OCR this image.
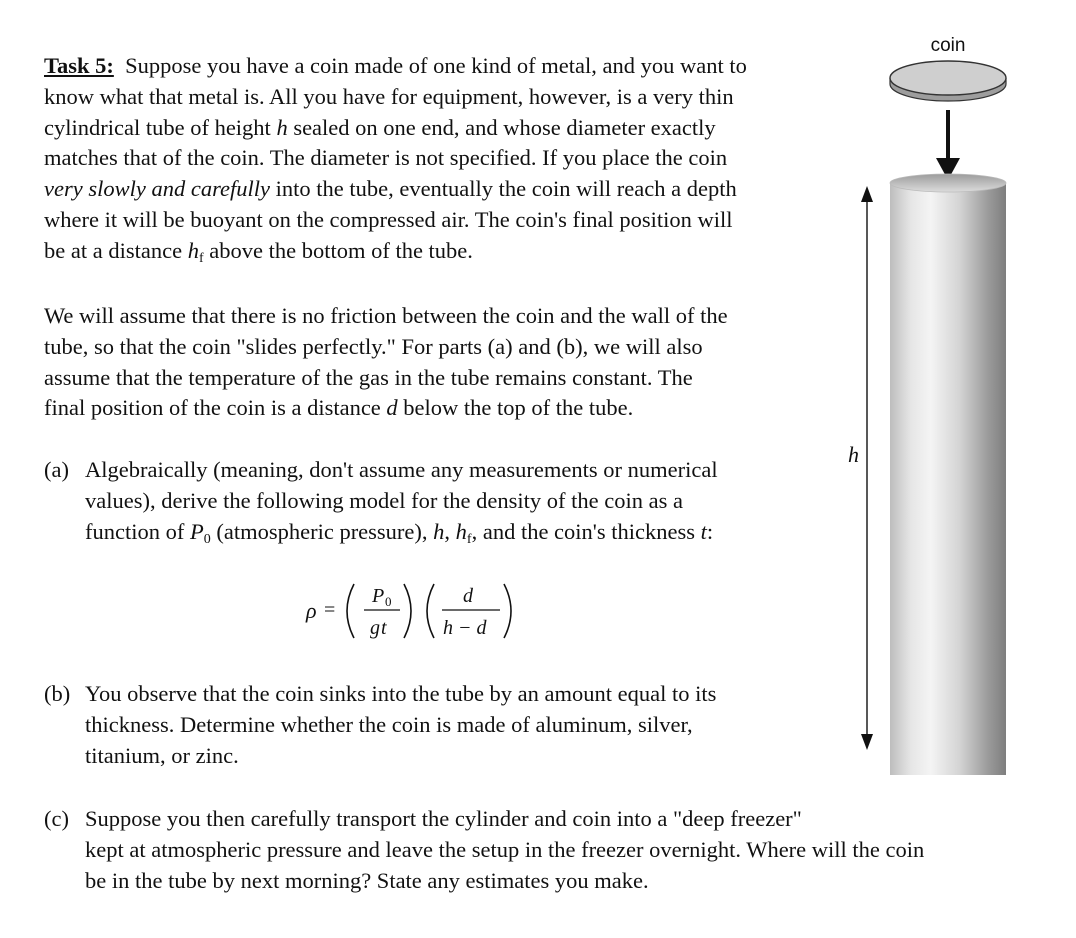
Task 5: Suppose you have a coin made of one kind of metal, and you want to
know what that metal is. All you have for equipment, however, is a very thin
cylindrical tube of height h sealed on one end, and whose diameter exactly
matches that of the coin. The diameter is not specified. If you place the coin
very slowly and carefully into the tube, eventually the coin will reach a depth
where it will be buoyant on the compressed air. The coin's final position will
be at a distance $h_f$ above the bottom of the tube.
We will assume that there is no friction between the coin and the wall of the
tube, so that the coin "slides perfectly." For parts (a) and (b), we will also
assume that the temperature of the gas in the tube remains constant. The
final position of the coin is a distance d below the top of the tube.
(a) Algebraically (meaning, don't assume any measurements or numerical
values), derive the following model for the density of the coin as a
function of $P_0$ (atmospheric pressure), h, $h_f$, and the coin's thickness t:
ρ =
P 0
gt
d
h − d
(b) You observe that the coin sinks into the tube by an amount equal to its
thickness. Determine whether the coin is made of aluminum, silver,
titanium, or zinc.
(c) Suppose you then carefully transport the cylinder and coin into a "deep freezer"
kept at atmospheric pressure and leave the setup in the freezer overnight. Where will the coin
be in the tube by next morning? State any estimates you make.
coin
h
